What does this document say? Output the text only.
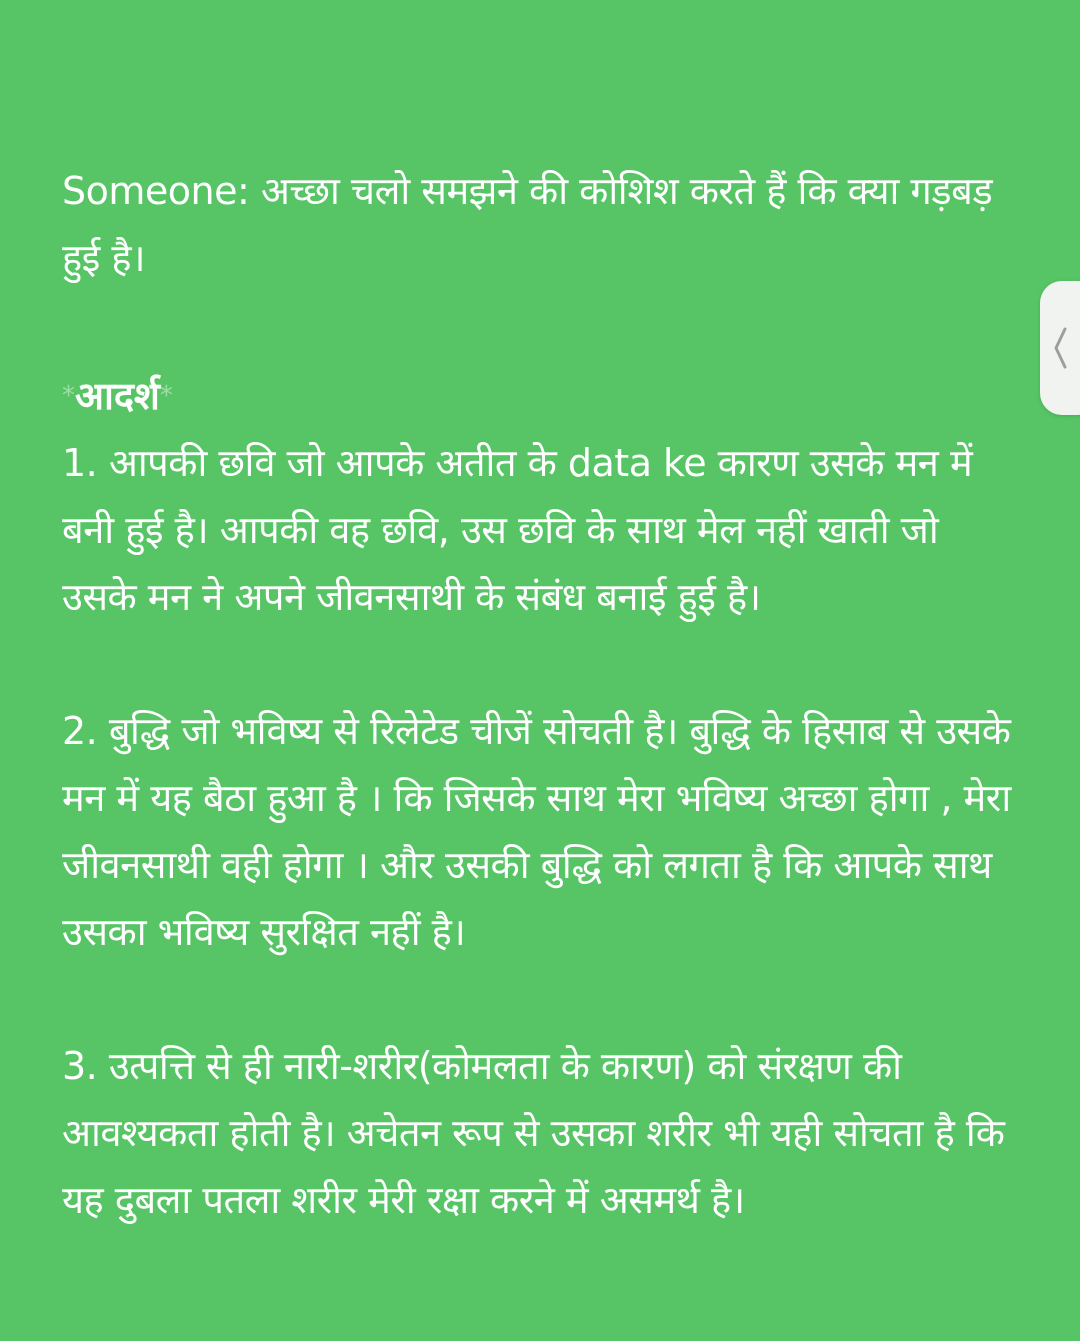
Someone: अच्छा चलो समझने की कोशिश करते हैं कि क्या गड़बड़ हुई है।

*आदर्श*

1. आपकी छवि जो आपके अतीत के data ke कारण उसके मन में बनी हुई है। आपकी वह छवि, उस छवि के साथ मेल नहीं खाती जो उसके मन ने अपने जीवनसाथी के संबंध बनाई हुई है।

2. बुद्धि जो भविष्य से रिलेटेड चीजें सोचती है। बुद्धि के हिसाब से उसके मन में यह बैठा हुआ है । कि जिसके साथ मेरा भविष्य अच्छा होगा , मेरा जीवनसाथी वही होगा । और उसकी बुद्धि को लगता है कि आपके साथ उसका भविष्य सुरक्षित नहीं है।

3. उत्पत्ति से ही नारी-शरीर(कोमलता के कारण) को संरक्षण की आवश्यकता होती है। अचेतन रूप से उसका शरीर भी यही सोचता है कि यह दुबला पतला शरीर मेरी रक्षा करने में असमर्थ है।
